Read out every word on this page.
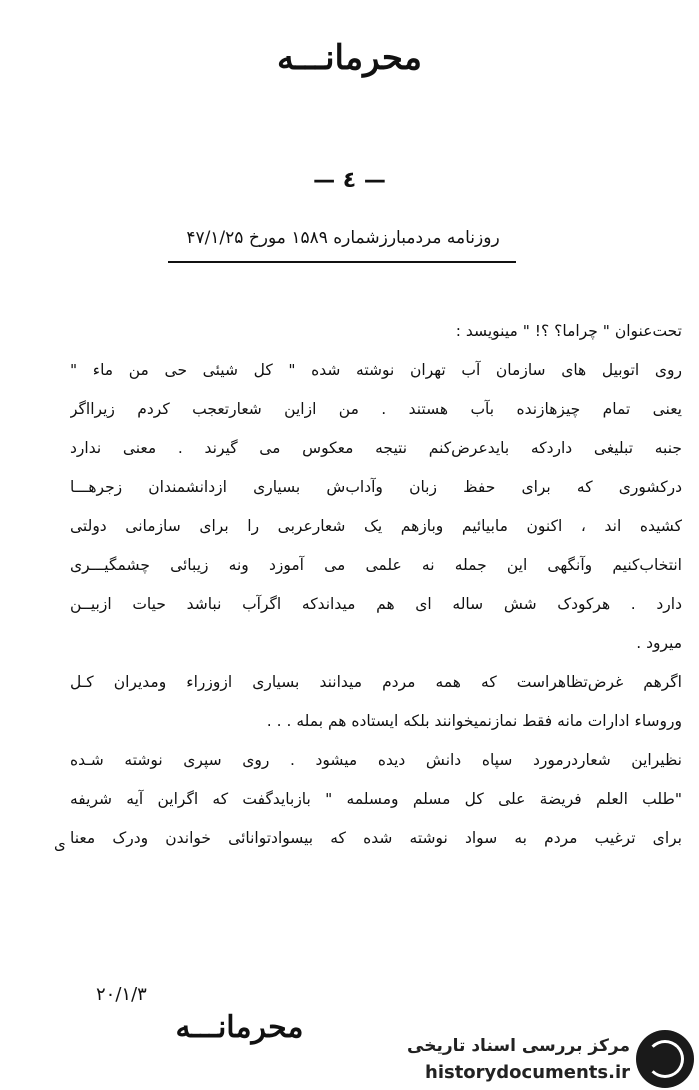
محرمانـــه
— ٤ —
روزنامه مردمبارزشماره ۱۵۸۹ مورخ ۴۷/۱/۲۵
تحت‌عنوان " چراما؟ ؟! " مینویسد :
روی اتوبیل های سازمان آب تهران نوشته شده " کل شیئی حی من ماء "
یعنی تمام چیزهازنده بآب هستند . من ازاین شعارتعجب کردم زیرااگر
جنبه تبلیغی داردکه بایدعرض‌کنم نتیجه معکوس می گیرند . معنی ندارد
درکشوری که برای حفظ زبان وآداب‌ش بسیاری ازدانشمندان زجرهـــا
کشیده اند ، اکنون مابیائیم وبازهم یک شعارعربی را برای سازمانی دولتی
انتخاب‌کنیم وآنگهی این جمله نه علمی می آموزد ونه زیبائی چشمگیـــری
دارد . هرکودک شش ساله ای هم میداندکه اگرآب نباشد حیات ازبیــن
میرود .
اگرهم غرض‌تظاهراست که همه مردم میدانند بسیاری ازوزراء ومدیران کـل
وروساء ادارات مانه فقط نمازنمیخوانند بلکه ایستاده هم بمله . . .
نظیراین شعاردرمورد سپاه دانش دیده میشود . روی سپری نوشته شـده
"طلب العلم فریضة علی کل مسلم ومسلمه " بازبایدگفت که اگراین آیه شریفه
برای ترغیب مردم به سواد نوشته شده که بیسوادتوانائی خواندن ودرک معنا
ی
۲۰/۱/۳
محرمانـــه
مرکز بررسی اسناد تاریخی
historydocuments.ir
